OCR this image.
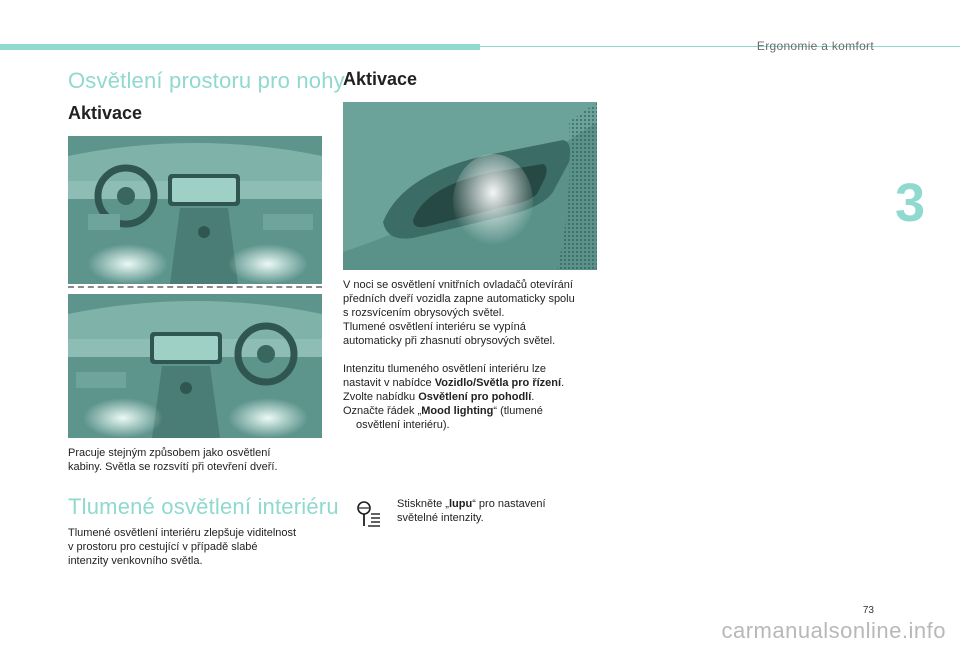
Ergonomie a komfort
3
Osvětlení prostoru pro nohy
Aktivace
Pracuje stejným způsobem jako osvětlení
kabiny. Světla se rozsvítí při otevření dveří.
Tlumené osvětlení interiéru
Tlumené osvětlení interiéru zlepšuje viditelnost
v prostoru pro cestující v případě slabé
intenzity venkovního světla.
Aktivace
V noci se osvětlení vnitřních ovladačů otevírání
předních dveří vozidla zapne automaticky spolu
s rozsvícením obrysových světel.
Tlumené osvětlení interiéru se vypíná
automaticky při zhasnutí obrysových světel.
Intenzitu tlumeného osvětlení interiéru lze
nastavit v nabídce Vozidlo/Světla pro řízení.
Zvolte nabídku Osvětlení pro pohodlí.
Označte řádek „Mood lighting“ (tlumené
osvětlení interiéru).
Stiskněte „lupu“ pro nastavení
světelné intenzity.
73
carmanualsonline.info
